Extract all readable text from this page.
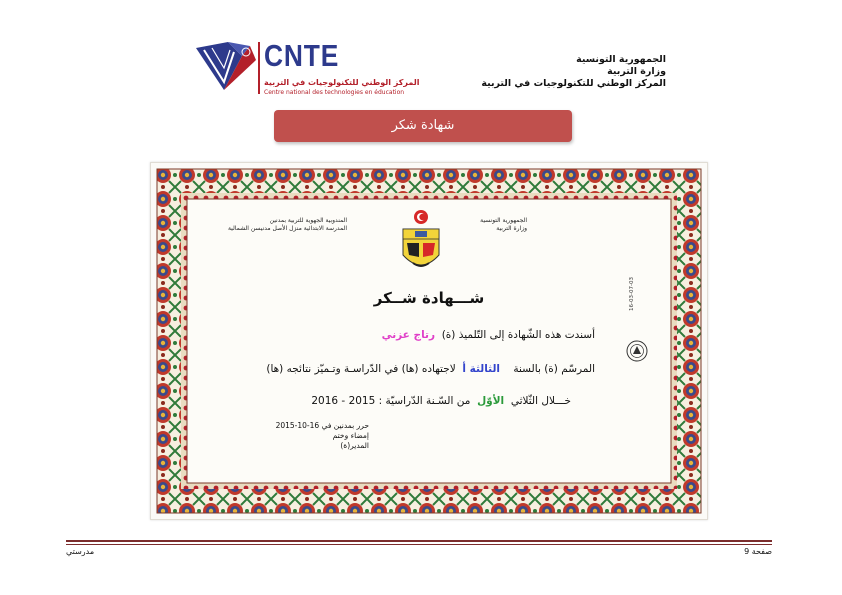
CNTE
المركز الوطني للتكنولوجيات في التربية
Centre national des technologies en éducation
الجمهورية التونسية
وزارة التربية
المركز الوطني للتكنولوجيات في التربية
شهادة شكر
الجمهورية التونسية
وزارة التربية
المندوبية الجهوية للتربية بمدنين
المدرسة الابتدائية منزل الأصل مدنيسن الشمالية
شـــهادة شــكر
أسندت هذه الشّهادة إلى التّلميذ (ة)  رتاج عزني
المرسّم (ة) بالسنة    الثالثة أ  لاجتهاده (ها) في الدّراسـة وتـميّز نتائجه (ها)
خـــلال الثّلاثي  الأوّل  من السّـنة الدّراسيّة : 2015 - 2016
حرر بمدنين في 16-10-2015
إمضاء وختم
المدير(ة)
16-03-07-03
مدرستي	صفحة 9
